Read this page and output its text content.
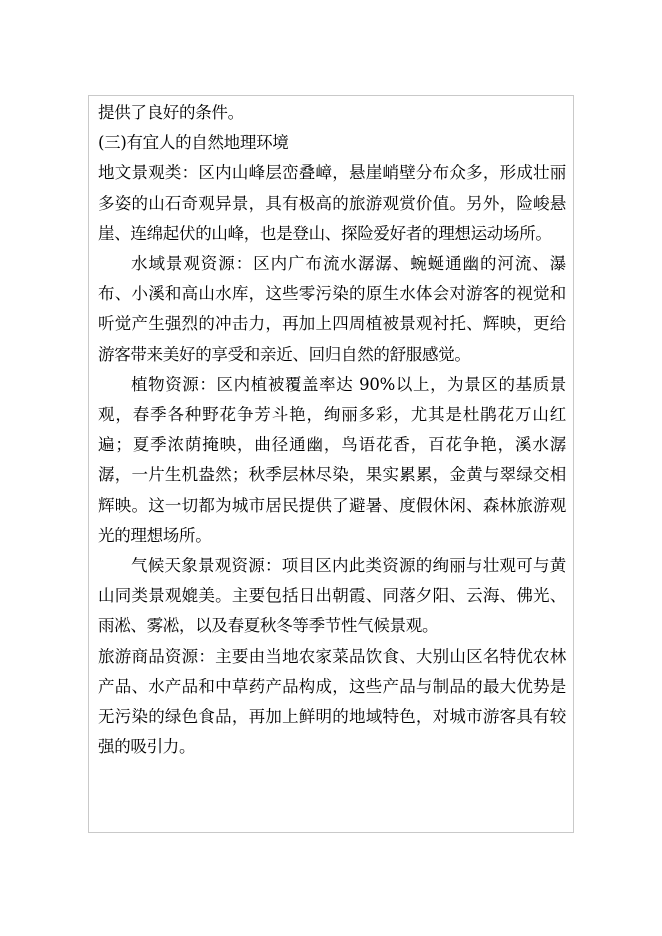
提供了良好的条件。

(三)有宜人的自然地理环境

地文景观类：区内山峰层峦叠嶂，悬崖峭壁分布众多，形成壮丽多姿的山石奇观异景，具有极高的旅游观赏价值。另外，险峻悬崖、连绵起伏的山峰，也是登山、探险爱好者的理想运动场所。

水域景观资源：区内广布流水潺潺、蜿蜒通幽的河流、瀑布、小溪和高山水库，这些零污染的原生水体会对游客的视觉和听觉产生强烈的冲击力，再加上四周植被景观衬托、辉映，更给游客带来美好的享受和亲近、回归自然的舒服感觉。

植物资源：区内植被覆盖率达 90%以上，为景区的基质景观，春季各种野花争芳斗艳，绚丽多彩，尤其是杜鹃花万山红遍；夏季浓荫掩映，曲径通幽，鸟语花香，百花争艳，溪水潺潺，一片生机盎然；秋季层林尽染，果实累累，金黄与翠绿交相辉映。这一切都为城市居民提供了避暑、度假休闲、森林旅游观光的理想场所。

气候天象景观资源：项目区内此类资源的绚丽与壮观可与黄山同类景观媲美。主要包括日出朝霞、同落夕阳、云海、佛光、雨凇、雾凇，以及春夏秋冬等季节性气候景观。

旅游商品资源：主要由当地农家菜品饮食、大别山区名特优农林产品、水产品和中草药产品构成，这些产品与制品的最大优势是无污染的绿色食品，再加上鲜明的地域特色，对城市游客具有较强的吸引力。
